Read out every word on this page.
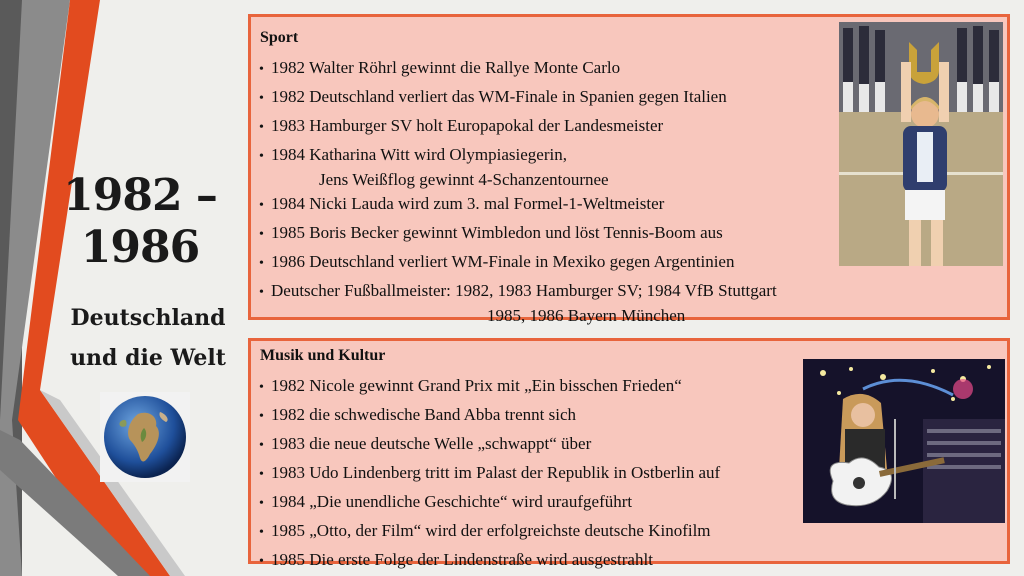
1982 –
1986
Deutschland
und die Welt
Sport
• 1982 Walter Röhrl gewinnt die Rallye Monte Carlo
• 1982 Deutschland verliert das WM-Finale in Spanien gegen Italien
• 1983 Hamburger SV holt Europapokal der Landesmeister
• 1984 Katharina Witt wird Olympiasiegerin,
Jens Weißflog gewinnt 4-Schanzentournee
• 1984 Nicki Lauda wird zum 3. mal Formel-1-Weltmeister
• 1985 Boris Becker gewinnt Wimbledon und löst Tennis-Boom aus
• 1986 Deutschland verliert WM-Finale in Mexiko gegen Argentinien
• Deutscher Fußballmeister: 1982, 1983 Hamburger SV; 1984 VfB Stuttgart
1985, 1986 Bayern München
Musik und Kultur
• 1982 Nicole gewinnt Grand Prix mit „Ein bisschen Frieden“
• 1982 die schwedische Band Abba trennt sich
• 1983 die neue deutsche Welle „schwappt“ über
• 1983 Udo Lindenberg tritt im Palast der Republik in Ostberlin auf
• 1984 „Die unendliche Geschichte“ wird uraufgeführt
• 1985 „Otto, der Film“ wird der erfolgreichste deutsche Kinofilm
• 1985 Die erste Folge der Lindenstraße wird ausgestrahlt
